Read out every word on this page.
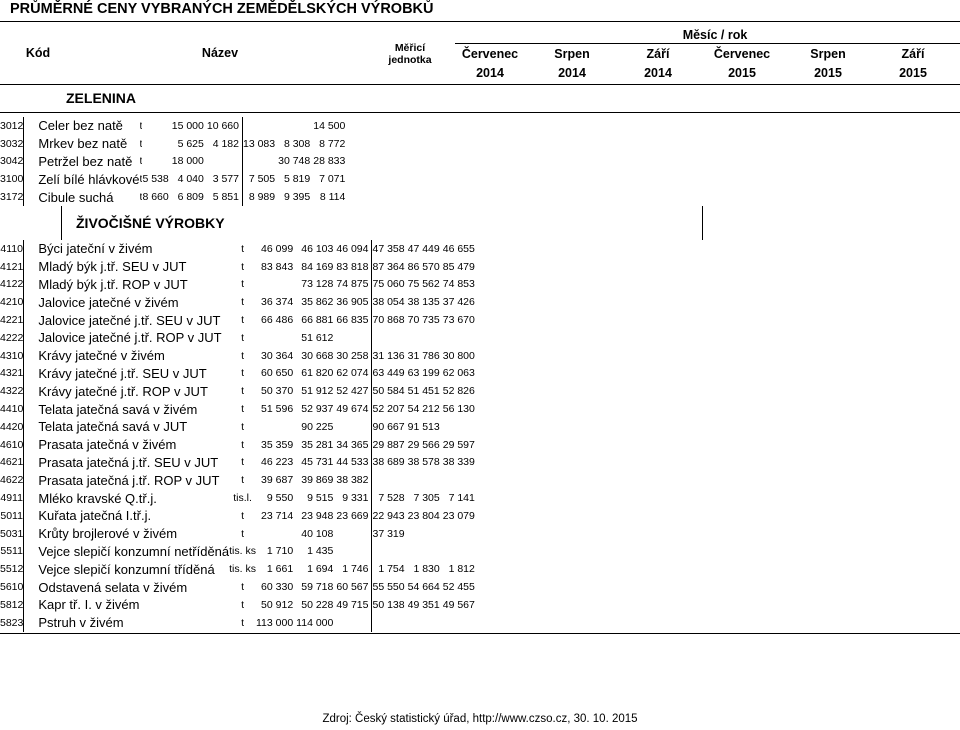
PRŮMĚRNÉ CENY VYBRANÝCH ZEMĚDĚLSKÝCH VÝROBKŮ
Kód	Název	Měřicí
jednotka
Měsíc / rok
Červenec	Srpen	Září	Červenec	Srpen	Září
2014	2014	2014	2015	2015	2015
ZELENINA
3012	Celer bez natě	t		15 000	10 660			14 500
3032	Mrkev bez natě	t		5 625	4 182	13 083	8 308	8 772
3042	Petržel bez natě	t		18 000			30 748	28 833
3100	Zelí bílé hlávkové	t	5 538	4 040	3 577	7 505	5 819	7 071
3172	Cibule suchá	t	8 660	6 809	5 851	8 989	9 395	8 114
ŽIVOČIŠNÉ VÝROBKY
4110	Býci jateční v živém	t	46 099	46 103	46 094	47 358	47 449	46 655
4121	Mladý býk j.tř. SEU v JUT	t	83 843	84 169	83 818	87 364	86 570	85 479
4122	Mladý býk j.tř. ROP v JUT	t		73 128	74 875	75 060	75 562	74 853
4210	Jalovice jatečné v živém	t	36 374	35 862	36 905	38 054	38 135	37 426
4221	Jalovice jatečné j.tř. SEU v JUT	t	66 486	66 881	66 835	70 868	70 735	73 670
4222	Jalovice jatečné j.tř. ROP v JUT	t		51 612				
4310	Krávy jatečné v živém	t	30 364	30 668	30 258	31 136	31 786	30 800
4321	Krávy jatečné j.tř. SEU v JUT	t	60 650	61 820	62 074	63 449	63 199	62 063
4322	Krávy jatečné j.tř. ROP v JUT	t	50 370	51 912	52 427	50 584	51 451	52 826
4410	Telata jatečná savá v živém	t	51 596	52 937	49 674	52 207	54 212	56 130
4420	Telata jatečná savá v JUT	t		90 225		90 667	91 513	
4610	Prasata jatečná v živém	t	35 359	35 281	34 365	29 887	29 566	29 597
4621	Prasata jatečná j.tř. SEU v JUT	t	46 223	45 731	44 533	38 689	38 578	38 339
4622	Prasata jatečná j.tř. ROP v JUT	t	39 687	39 869	38 382			
4911	Mléko kravské Q.tř.j.	tis.l.	9 550	9 515	9 331	7 528	7 305	7 141
5011	Kuřata jatečná I.tř.j.	t	23 714	23 948	23 669	22 943	23 804	23 079
5031	Krůty brojlerové v živém	t		40 108		37 319		
5511	Vejce slepičí konzumní netříděná	tis. ks	1 710	1 435				
5512	Vejce slepičí konzumní tříděná	tis. ks	1 661	1 694	1 746	1 754	1 830	1 812
5610	Odstavená selata v živém	t	60 330	59 718	60 567	55 550	54 664	52 455
5812	Kapr tř. I. v živém	t	50 912	50 228	49 715	50 138	49 351	49 567
5823	Pstruh v živém	t	113 000	114 000				
Zdroj: Český statistický úřad, http://www.czso.cz, 30. 10. 2015
